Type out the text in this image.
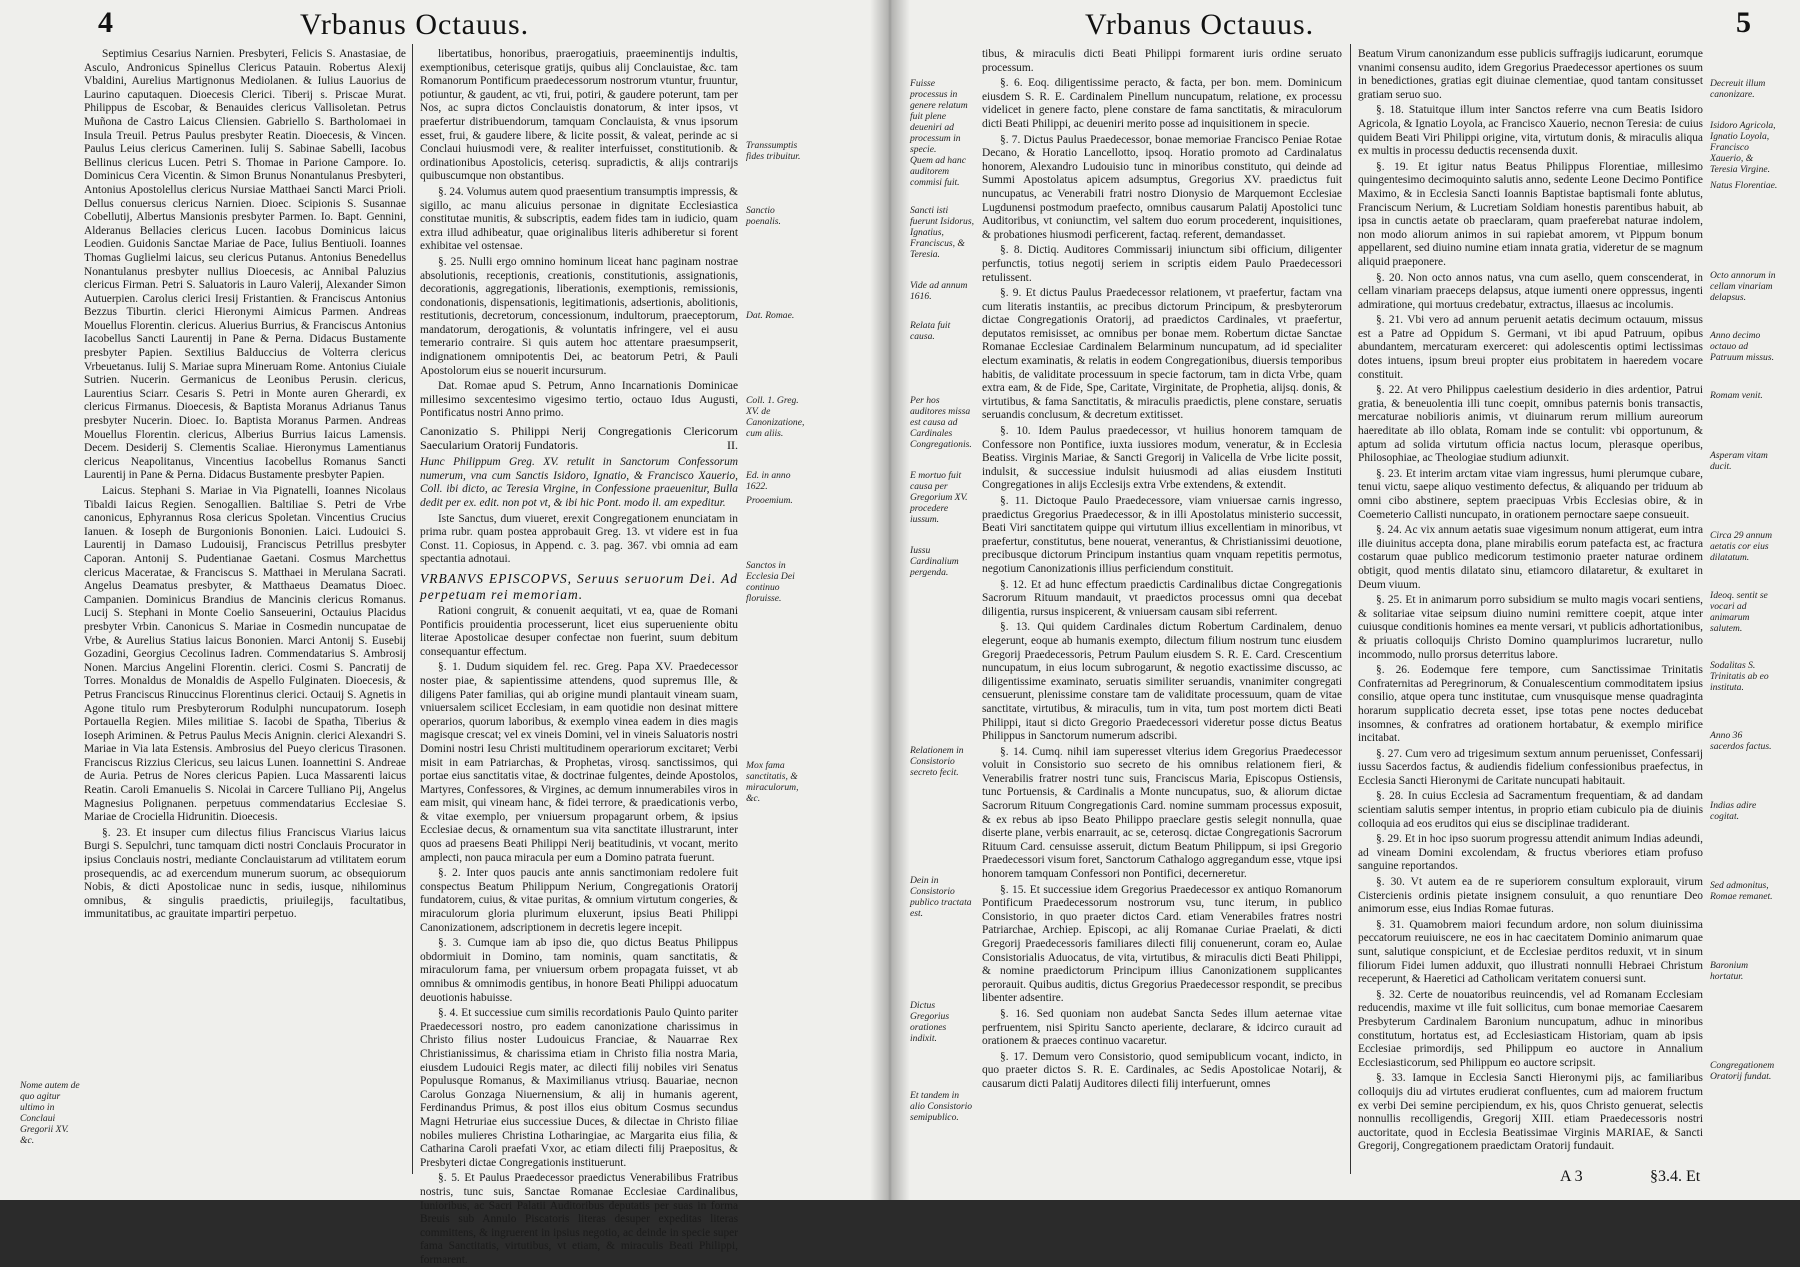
4	Vrbanus Octauus.

Septimius Cesarius Narnien. Presbyteri, Felicis S. Anastasiae, de Asculo, Andronicus Spinellus Clericus Patauin. Robertus Alexij Vbaldini, Aurelius Martignonus Mediolanen. & Iulius Lauorius de Laurino caputaquen. Dioecesis Clerici. Tiberij s. Priscae Murat. Philippus de Escobar, & Benauides clericus Vallisoletan. Petrus Muñona de Castro Laicus Cliensien. Gabriello S. Bartholomaei in Insula Treuil. Petrus Paulus presbyter Reatin. Dioecesis, & Vincen. Paulus Leius clericus Camerinen. Iulij S. Sabinae Sabelli, Iacobus Bellinus clericus Lucen. Petri S. Thomae in Parione Campore. Io. Dominicus Cera Vicentin. & Simon Brunus Nonantulanus Presbyteri, Antonius Apostolellus clericus Nursiae Matthaei Sancti Marci Prioli. Dellus conuersus clericus Narnien. Dioec. Scipionis S. Susannae Cobellutij, Albertus Mansionis presbyter Parmen. Io. Bapt. Gennini, Alderanus Bellacies clericus Lucen. Iacobus Dominicus laicus Leodien. Guidonis Sanctae Mariae de Pace, Iulius Bentiuoli. Ioannes Thomas Guglielmi laicus, seu clericus Putanus. Antonius Benedellus Nonantulanus presbyter nullius Dioecesis, ac Annibal Paluzius clericus Firman. Petri S. Saluatoris in Lauro Valerij, Alexander Simon Autuerpien. Carolus clerici Iresij Fristantien. & Franciscus Antonius Bezzus Tiburtin. clerici Hieronymi Aimicus Parmen. Andreas Mouellus Florentin. clericus. Aluerius Burrius, & Franciscus Antonius Iacobellus Sancti Laurentij in Pane & Perna. Didacus Bustamente presbyter Papien. Sextilius Balduccius de Volterra clericus Vrbeuetanus. Iulij S. Mariae supra Mineruam Rome. Antonius Ciuiale Sutrien. Nucerin. Germanicus de Leonibus Perusin. clericus, Laurentius Sciarr. Cesaris S. Petri in Monte auren Gherardi, ex clericus Firmanus. Dioecesis, & Baptista Moranus Adrianus Tanus presbyter Nucerin. Dioec. Io. Baptista Moranus Parmen. Andreas Mouellus Florentin. clericus, Alberius Burrius Iaicus Lamensis. Decem. Desiderij S. Clementis Scaliae. Hieronymus Lamentianus clericus Neapolitanus, Vincentius Iacobellus Romanus Sancti Laurentij in Pane & Perna. Didacus Bustamente presbyter Papien.

Laicus. Stephani S. Mariae in Via Pignatelli, Ioannes Nicolaus Tibaldi Iaicus Regien. Senogallien. Baltiliae S. Petri de Vrbe canonicus, Ephyrannus Rosa clericus Spoletan. Vincentius Crucius Ianuen. & Ioseph de Burgonionis Bononien. Laici. Ludouici S. Laurentij in Damaso Ludouisij, Franciscus Petrillus presbyter Caporan. Antonij S. Pudentianae Gaetani. Cosmus Marchettus clericus Maceratae, & Franciscus S. Matthaei in Merulana Sacrati. Angelus Deamatus presbyter, & Matthaeus Deamatus Dioec. Campanien. Dominicus Brandius de Mancinis clericus Romanus. Lucij S. Stephani in Monte Coelio Sanseuerini, Octauius Placidus presbyter Vrbin. Canonicus S. Mariae in Cosmedin nuncupatae de Vrbe, & Aurelius Statius laicus Bononien. Marci Antonij S. Eusebij Gozadini, Georgius Cecolinus Iadren. Commendatarius S. Ambrosij Nonen. Marcius Angelini Florentin. clerici. Cosmi S. Pancratij de Torres. Monaldus de Monaldis de Aspello Fulginaten. Dioecesis, & Petrus Franciscus Rinuccinus Florentinus clerici. Octauij S. Agnetis in Agone titulo rum Presbyterorum Rodulphi nuncupatorum. Ioseph Portauella Regien. Miles militiae S. Iacobi de Spatha, Tiberius & Ioseph Ariminen. & Petrus Paulus Mecis Anignin. clerici Alexandri S. Mariae in Via lata Estensis. Ambrosius del Pueyo clericus Tirasonen. Franciscus Rizzius Clericus, seu laicus Lunen. Ioannettini S. Andreae de Auria. Petrus de Nores clericus Papien. Luca Massarenti laicus Reatin. Caroli Emanuelis S. Nicolai in Carcere Tulliano Pij, Angelus Magnesius Polignanen. perpetuus commendatarius Ecclesiae S. Mariae de Crociella Hidrunitin. Dioecesis.

§. 23. Et insuper cum dilectus filius Franciscus Viarius laicus Burgi S. Sepulchri, tunc tamquam dicti nostri Conclauis Procurator in ipsius Conclauis nostri, mediante Conclauistarum ad vtilitatem eorum prosequendis, ac ad exercendum munerum suorum, ac obsequiorum Nobis, & dicti Apostolicae nunc in sedis, iusque, nihilominus omnibus, & singulis praedictis, priuilegijs, facultatibus, immunitatibus, ac grauitate impartiri perpetuo.

libertatibus, honoribus, praerogatiuis, praeeminentijs indultis, exemptionibus, ceterisque gratijs, quibus alij Conclauistae, &c. tam Romanorum Pontificum praedecessorum nostrorum vtuntur, fruuntur, potiuntur, & gaudent, ac vti, frui, potiri, & gaudere poterunt, tam per Nos, ac supra dictos Conclauistis donatorum, & inter ipsos, vt praefertur distribuendorum, tamquam Conclauista, & vnus ipsorum esset, frui, & gaudere libere, & licite possit, & valeat, perinde ac si Conclaui huiusmodi vere, & realiter interfuisset, constitutionib. & ordinationibus Apostolicis, ceterisq. supradictis, & alijs contrarijs quibuscumque non obstantibus.

§. 24. Volumus autem quod praesentium transumptis impressis, & sigillo, ac manu alicuius personae in dignitate Ecclesiastica constitutae munitis, & subscriptis, eadem fides tam in iudicio, quam extra illud adhibeatur, quae originalibus literis adhiberetur si forent exhibitae vel ostensae.

§. 25. Nulli ergo omnino hominum liceat hanc paginam nostrae absolutionis, receptionis, creationis, constitutionis, assignationis, decorationis, aggregationis, liberationis, exemptionis, remissionis, condonationis, dispensationis, legitimationis, adsertionis, abolitionis, restitutionis, decretorum, concessionum, indultorum, praeceptorum, mandatorum, derogationis, & voluntatis infringere, vel ei ausu temerario contraire. Si quis autem hoc attentare praesumpserit, indignationem omnipotentis Dei, ac beatorum Petri, & Pauli Apostolorum eius se nouerit incursurum.

Dat. Romae apud S. Petrum, Anno Incarnationis Dominicae millesimo sexcentesimo vigesimo tertio, octauo Idus Augusti, Pontificatus nostri Anno primo.

Canonizatio S. Philippi Nerij Congregationis Clericorum Saecularium Oratorij Fundatoris.	II.

Hunc Philippum Greg. XV. retulit in Sanctorum Confessorum numerum, vna cum Sanctis Isidoro, Ignatio, & Francisco Xauerio, Coll. ibi dicto, ac Teresia Virgine, in Confessione praeuenitur, Bulla dedit per ex. edit. non pot vt, & ibi hic Pont. modo il. am expeditur.

Iste Sanctus, dum viueret, erexit Congregationem enunciatam in prima rubr. quam postea approbauit Greg. 13. vt videre est in fua Const. 11. Copiosus, in Append. c. 3. pag. 367. vbi omnia ad eam spectantia adnotaui.

VRBANVS EPISCOPVS, Seruus seruorum Dei. Ad perpetuam rei memoriam.

Rationi congruit, & conuenit aequitati, vt ea, quae de Romani Pontificis prouidentia processerunt, licet eius superueniente obitu literae Apostolicae desuper confectae non fuerint, suum debitum consequantur effectum.

§. 1. Dudum siquidem fel. rec. Greg. Papa XV. Praedecessor noster piae, & sapientissime attendens, quod supremus Ille, & diligens Pater familias, qui ab origine mundi plantauit vineam suam, vniuersalem scilicet Ecclesiam, in eam quotidie non desinat mittere operarios, quorum laboribus, & exemplo vinea eadem in dies magis magisque crescat; vel ex vineis Domini, vel in vineis Saluatoris nostri Domini nostri Iesu Christi multitudinem operariorum excitaret; Verbi misit in eam Patriarchas, & Prophetas, virosq. sanctissimos, qui portae eius sanctitatis vitae, & doctrinae fulgentes, deinde Apostolos, Martyres, Confessores, & Virgines, ac demum innumerabiles viros in eam misit, qui vineam hanc, & fidei terrore, & praedicationis verbo, & vitae exemplo, per vniuersum propagarunt orbem, & ipsius Ecclesiae decus, & ornamentum sua vita sanctitate illustrarunt, inter quos ad praesens Beati Philippi Nerij beatitudinis, vt vocant, merito amplecti, non pauca miracula per eum a Domino patrata fuerunt.

§. 2. Inter quos paucis ante annis sanctimoniam redolere fuit conspectus Beatum Philippum Nerium, Congregationis Oratorij fundatorem, cuius, & vitae puritas, & omnium virtutum congeries, & miraculorum gloria plurimum eluxerunt, ipsius Beati Philippi Canonizationem, adscriptionem in decretis legere incepit.

§. 3. Cumque iam ab ipso die, quo dictus Beatus Philippus obdormiuit in Domino, tam nominis, quam sanctitatis, & miraculorum fama, per vniuersum orbem propagata fuisset, vt ab omnibus & omnimodis gentibus, in honore Beati Philippi aduocatum deuotionis habuisse.

§. 4. Et successiue cum similis recordationis Paulo Quinto pariter Praedecessori nostro, pro eadem canonizatione charissimus in Christo filius noster Ludouicus Franciae, & Nauarrae Rex Christianissimus, & charissima etiam in Christo filia nostra Maria, eiusdem Ludouici Regis mater, ac dilecti filij nobiles viri Senatus Populusque Romanus, & Maximilianus vtriusq. Bauariae, necnon Carolus Gonzaga Niuernensium, & alij in humanis agerent, Ferdinandus Primus, & post illos eius obitum Cosmus secundus Magni Hetruriae eius successiue Duces, & dilectae in Christo filiae nobiles mulieres Christina Lotharingiae, ac Margarita eius filia, & Catharina Caroli praefati Vxor, ac etiam dilecti filij Praepositus, & Presbyteri dictae Congregationis instituerunt.

§. 5. Et Paulus Praedecessor praedictus Venerabilibus Fratribus nostris, tunc suis, Sanctae Romanae Ecclesiae Cardinalibus, Iunioribus, ac Sacri Palatii Auditoribus deputatis per suas in forma Breuis sub Annulo Piscatoris literas desuper expeditas literas committens, & ingruerent in ipsius negotio, ac deinde in specie super fama Sanctitatis, virtutibus, vt etiam, & miraculis Beati Philippi, formarent.

Transsumptis fides tribuitur.
Sanctio poenalis.
Dat. Romae.
Coll. 1. Greg. XV. de Canonizatione, cum aliis.
Ed. in anno 1622.
Prooemium.
Sanctos in Ecclesia Dei continuo floruisse.
Mox fama sanctitatis, & miraculorum, &c.
Nome autem de quo agitur ultimo in Conclaui Gregorii XV. &c.
Vrbanus Octauus.	5
Fuisse processus in genere relatum fuit plene deueniri ad processum in specie.
Quem ad hanc auditorem commisi fuit.
Sancti isti fuerunt Isidorus, Ignatius, Franciscus, & Teresia.
Vide ad annum 1616.
Relata fuit causa.
Per hos auditores missa est causa ad Cardinales Congregationis.
E mortuo fuit causa per Gregorium XV. procedere iussum.
Iussu Cardinalium pergenda.
Relationem in Consistorio secreto fecit.
Dein in Consistorio publico tractata est.
Dictus Gregorius orationes indixit.
Et tandem in alio Consistorio semipublico.

tibus, & miraculis dicti Beati Philippi formarent iuris ordine seruato processum.

§. 6. Eoq. diligentissime peracto, & facta, per bon. mem. Dominicum eiusdem S. R. E. Cardinalem Pinellum nuncupatum, relatione, ex processu videlicet in genere facto, plene constare de fama sanctitatis, & miraculorum dicti Beati Philippi, ac deueniri merito posse ad inquisitionem in specie.

§. 7. Dictus Paulus Praedecessor, bonae memoriae Francisco Peniae Rotae Decano, & Horatio Lancellotto, ipsoq. Horatio promoto ad Cardinalatus honorem, Alexandro Ludouisio tunc in minoribus constituto, qui deinde ad Summi Apostolatus apicem adsumptus, Gregorius XV. praedictus fuit nuncupatus, ac Venerabili fratri nostro Dionysio de Marquemont Ecclesiae Lugdunensi postmodum praefecto, omnibus causarum Palatij Apostolici tunc Auditoribus, vt coniunctim, vel saltem duo eorum procederent, inquisitiones, & probationes hiusmodi perficerent, factaq. referent, demandasset.

§. 8. Dictiq. Auditores Commissarij iniunctum sibi officium, diligenter perfunctis, totius negotij seriem in scriptis eidem Paulo Praedecessori retulissent.

§. 9. Et dictus Paulus Praedecessor relationem, vt praefertur, factam vna cum literatis instantiis, ac precibus dictorum Principum, & presbyterorum dictae Congregationis Oratorij, ad praedictos Cardinales, vt praefertur, deputatos remisisset, ac omnibus per bonae mem. Robertum dictae Sanctae Romanae Ecclesiae Cardinalem Belarminum nuncupatum, ad id specialiter electum examinatis, & relatis in eodem Congregationibus, diuersis temporibus habitis, de validitate processuum in specie factorum, tam in dicta Vrbe, quam extra eam, & de Fide, Spe, Caritate, Virginitate, de Prophetia, alijsq. donis, & virtutibus, & fama Sanctitatis, & miraculis praedictis, plene constare, seruatis seruandis conclusum, & decretum extitisset.

§. 10. Idem Paulus praedecessor, vt huilius honorem tamquam de Confessore non Pontifice, iuxta iussiores modum, veneratur, & in Ecclesia Beatiss. Virginis Mariae, & Sancti Gregorij in Valicella de Vrbe licite possit, indulsit, & successiue indulsit huiusmodi ad alias eiusdem Instituti Congregationes in alijs Ecclesijs extra Vrbe extendens, & extendit.

§. 11. Dictoque Paulo Praedecessore, viam vniuersae carnis ingresso, praedictus Gregorius Praedecessor, & in illi Apostolatus ministerio successit, Beati Viri sanctitatem quippe qui virtutum illius excellentiam in minoribus, vt praefertur, constitutus, bene nouerat, venerantus, & Christianissimi deuotione, precibusque dictorum Principum instantius quam vnquam repetitis permotus, negotium Canonizationis illius perficiendum constituit.

§. 12. Et ad hunc effectum praedictis Cardinalibus dictae Congregationis Sacrorum Rituum mandauit, vt praedictos processus omni qua decebat diligentia, rursus inspicerent, & vniuersam causam sibi referrent.

§. 13. Qui quidem Cardinales dictum Robertum Cardinalem, denuo elegerunt, eoque ab humanis exempto, dilectum filium nostrum tunc eiusdem Gregorij Praedecessoris, Petrum Paulum eiusdem S. R. E. Card. Crescentium nuncupatum, in eius locum subrogarunt, & negotio exactissime discusso, ac diligentissime examinato, seruatis similiter seruandis, vnanimiter congregati censuerunt, plenissime constare tam de validitate processuum, quam de vitae sanctitate, virtutibus, & miraculis, tum in vita, tum post mortem dicti Beati Philippi, itaut si dicto Gregorio Praedecessori videretur posse dictus Beatus Philippus in Sanctorum numerum adscribi.

§. 14. Cumq. nihil iam superesset vlterius idem Gregorius Praedecessor voluit in Consistorio suo secreto de his omnibus relationem fieri, & Venerabilis fratrer nostri tunc suis, Franciscus Maria, Episcopus Ostiensis, tunc Portuensis, & Cardinalis a Monte nuncupatus, suo, & aliorum dictae Sacrorum Rituum Congregationis Card. nomine summam processus exposuit, & ex rebus ab ipso Beato Philippo praeclare gestis selegit nonnulla, quae diserte plane, verbis enarrauit, ac se, ceterosq. dictae Congregationis Sacrorum Rituum Card. censuisse asseruit, dictum Beatum Philippum, si ipsi Gregorio Praedecessori visum foret, Sanctorum Cathalogo aggregandum esse, vtque ipsi honorem tamquam Confessori non Pontifici, decerneretur.

§. 15. Et successiue idem Gregorius Praedecessor ex antiquo Romanorum Pontificum Praedecessorum nostrorum vsu, tunc iterum, in publico Consistorio, in quo praeter dictos Card. etiam Venerabiles fratres nostri Patriarchae, Archiep. Episcopi, ac alij Romanae Curiae Praelati, & dicti Gregorij Praedecessoris familiares dilecti filij conuenerunt, coram eo, Aulae Consistorialis Aduocatus, de vita, virtutibus, & miraculis dicti Beati Philippi, & nomine praedictorum Principum illius Canonizationem supplicantes perorauit. Quibus auditis, dictus Gregorius Praedecessor respondit, se precibus libenter adsentire.

§. 16. Sed quoniam non audebat Sancta Sedes illum aeternae vitae perfruentem, nisi Spiritu Sancto aperiente, declarare, & idcirco curauit ad orationem & praeces continuo vacaretur.

§. 17. Demum vero Consistorio, quod semipublicum vocant, indicto, in quo praeter dictos S. R. E. Cardinales, ac Sedis Apostolicae Notarij, & causarum dicti Palatij Auditores dilecti filij interfuerunt, omnes

Beatum Virum canonizandum esse publicis suffragijs iudicarunt, eorumque vnanimi consensu audito, idem Gregorius Praedecessor apertiones os suum in benedictiones, gratias egit diuinae clementiae, quod tantam consitusset gratiam seruo suo.

§. 18. Statuitque illum inter Sanctos referre vna cum Beatis Isidoro Agricola, & Ignatio Loyola, ac Francisco Xauerio, necnon Teresia: de cuius quidem Beati Viri Philippi origine, vita, virtutum donis, & miraculis aliqua ex multis in processu deductis recensenda duxit.

§. 19. Et igitur natus Beatus Philippus Florentiae, millesimo quingentesimo decimoquinto salutis anno, sedente Leone Decimo Pontifice Maximo, & in Ecclesia Sancti Ioannis Baptistae baptismali fonte ablutus, Franciscum Nerium, & Lucretiam Soldiam honestis parentibus habuit, ab ipsa in cunctis aetate ob praeclaram, quam praeferebat naturae indolem, non modo aliorum animos in sui rapiebat amorem, vt Pippum bonum appellarent, sed diuino numine etiam innata gratia, videretur de se magnum aliquid praeponere.

§. 20. Non octo annos natus, vna cum asello, quem conscenderat, in cellam vinariam praeceps delapsus, atque iumenti onere oppressus, ingenti admiratione, qui mortuus credebatur, extractus, illaesus ac incolumis.

§. 21. Vbi vero ad annum peruenit aetatis decimum octauum, missus est a Patre ad Oppidum S. Germani, vt ibi apud Patruum, opibus abundantem, mercaturam exerceret: qui adolescentis optimi lectissimas dotes intuens, ipsum breui propter eius probitatem in haeredem vocare constituit.

§. 22. At vero Philippus caelestium desiderio in dies ardentior, Patrui gratia, & beneuolentia illi tunc coepit, omnibus paternis bonis transactis, mercaturae nobilioris animis, vt diuinarum rerum millium aureorum haereditate ab illo oblata, Romam inde se contulit: vbi opportunum, & aptum ad solida virtutum officia nactus locum, plerasque operibus, Philosophiae, ac Theologiae studium adiunxit.

§. 23. Et interim arctam vitae viam ingressus, humi plerumque cubare, tenui victu, saepe aliquo vestimento defectus, & aliquando per triduum ab omni cibo abstinere, septem praecipuas Vrbis Ecclesias obire, & in Coemeterio Callisti nuncupato, in orationem pernoctare saepe consueuit.

§. 24. Ac vix annum aetatis suae vigesimum nonum attigerat, eum intra ille diuinitus accepta dona, plane mirabilis eorum patefacta est, ac fractura costarum quae publico medicorum testimonio praeter naturae ordinem obtigit, quod mentis dilatato sinu, etiamcoro dilataretur, & exultaret in Deum viuum.

§. 25. Et in animarum porro subsidium se multo magis vocari sentiens, & solitariae vitae seipsum diuino numini remittere coepit, atque inter cuiusque conditionis homines ea mente versari, vt publicis adhortationibus, & priuatis colloquijs Christo Domino quamplurimos lucraretur, nullo incommodo, nullo prorsus deterritus labore.

§. 26. Eodemque fere tempore, cum Sanctissimae Trinitatis Confraternitas ad Peregrinorum, & Conualescentium commoditatem ipsius consilio, atque opera tunc institutae, cum vnusquisque mense quadraginta horarum supplicatio decreta esset, ipse totas pene noctes deducebat insomnes, & confratres ad orationem hortabatur, & exemplo mirifice incitabat.

§. 27. Cum vero ad trigesimum sextum annum peruenisset, Confessarij iussu Sacerdos factus, & audiendis fidelium confessionibus praefectus, in Ecclesia Sancti Hieronymi de Caritate nuncupati habitauit.

§. 28. In cuius Ecclesia ad Sacramentum frequentiam, & ad dandam scientiam salutis semper intentus, in proprio etiam cubiculo pia de diuinis colloquia ad eos eruditos qui eius se disciplinae tradiderant.

§. 29. Et in hoc ipso suorum progressu attendit animum Indias adeundi, ad vineam Domini excolendam, & fructus vberiores etiam profuso sanguine reportandos.

§. 30. Vt autem ea de re superiorem consultum explorauit, virum Cistercienis ordinis pietate insignem consuluit, a quo renuntiare Deo animorum esse, eius Indias Romae futuras.

§. 31. Quamobrem maiori fecundum ardore, non solum diuinissima peccatorum reuiuiscere, ne eos in hac caecitatem Dominio animarum quae sunt, salutique conspiciunt, et de Ecclesiae perditos reduxit, vt in sinum filiorum Fidei lumen adduxit, quo illustrati nonnulli Hebraei Christum receperunt, & Haeretici ad Catholicam veritatem conuersi sunt.

§. 32. Certe de nouatoribus reuincendis, vel ad Romanam Ecclesiam reducendis, maxime vt ille fuit sollicitus, cum bonae memoriae Caesarem Presbyterum Cardinalem Baronium nuncupatum, adhuc in minoribus constitutum, hortatus est, ad Ecclesiasticam Historiam, quam ab ipsis Ecclesiae primordijs, sed Philippum eo auctore in Annalium Ecclesiasticorum, sed Philippum eo auctore scripsit.

§. 33. Iamque in Ecclesia Sancti Hieronymi pijs, ac familiaribus colloquijs diu ad virtutes erudierat confluentes, cum ad maiorem fructum ex verbi Dei semine percipiendum, ex his, quos Christo genuerat, selectis nonnullis recolligendis, Gregorij XIII. etiam Praedecessoris nostri auctoritate, quod in Ecclesia Beatissimae Virginis MARIAE, & Sancti Gregorij, Congregationem praedictam Oratorij fundauit.

Decreuit illum canonizare.
Isidoro Agricola, Ignatio Loyola, Francisco Xauerio, & Teresia Virgine.
Natus Florentiae.
Octo annorum in cellam vinariam delapsus.
Anno decimo octauo ad Patruum missus.
Romam venit.
Asperam vitam ducit.
Circa 29 annum aetatis cor eius dilatatum.
Ideoq. sentit se vocari ad animarum salutem.
Sodalitas S. Trinitatis ab eo instituta.
Anno 36 sacerdos factus.
Indias adire cogitat.
Sed admonitus, Romae remanet.
Baronium hortatur.
Congregationem Oratorij fundat.
A 3	§3.4. Et
